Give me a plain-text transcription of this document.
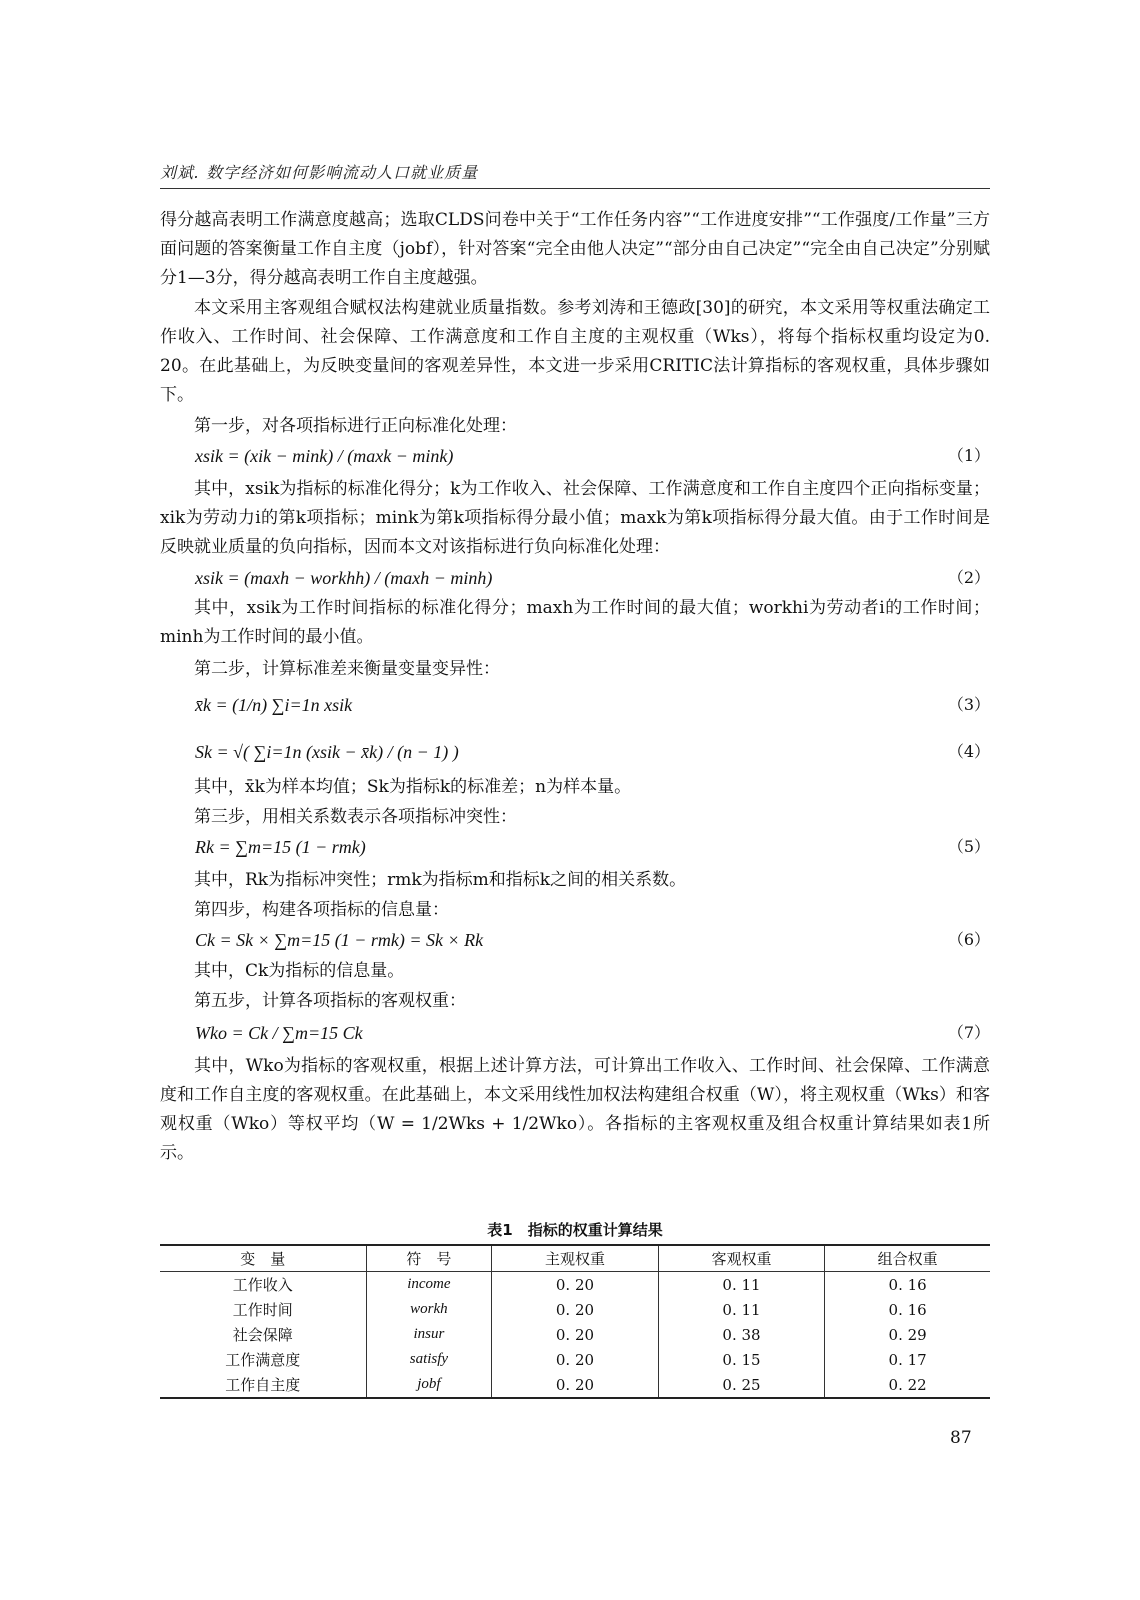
刘斌. 数字经济如何影响流动人口就业质量

得分越高表明工作满意度越高；选取CLDS问卷中关于“工作任务内容”“工作进度安排”“工作强度/工作量”三方面问题的答案衡量工作自主度（jobf），针对答案“完全由他人决定”“部分由自己决定”“完全由自己决定”分别赋分1—3分，得分越高表明工作自主度越强。

本文采用主客观组合赋权法构建就业质量指数。参考刘涛和王德政[30]的研究，本文采用等权重法确定工作收入、工作时间、社会保障、工作满意度和工作自主度的主观权重（Wks），将每个指标权重均设定为0. 20。在此基础上，为反映变量间的客观差异性，本文进一步采用CRITIC法计算指标的客观权重，具体步骤如下。

第一步，对各项指标进行正向标准化处理：

xsik = (xik − mink) / (maxk − mink)	（1）

其中，xsik为指标的标准化得分；k为工作收入、社会保障、工作满意度和工作自主度四个正向指标变量；xik为劳动力i的第k项指标；mink为第k项指标得分最小值；maxk为第k项指标得分最大值。由于工作时间是反映就业质量的负向指标，因而本文对该指标进行负向标准化处理：

xsik = (maxh − workhh) / (maxh − minh)	（2）

其中，xsik为工作时间指标的标准化得分；maxh为工作时间的最大值；workhi为劳动者i的工作时间；minh为工作时间的最小值。

第二步，计算标准差来衡量变量变异性：

x̄k = (1/n) ∑i=1n xsik	（3）
Sk = √( ∑i=1n (xsik − x̄k) / (n − 1) )	（4）

其中，x̄k为样本均值；Sk为指标k的标准差；n为样本量。

第三步，用相关系数表示各项指标冲突性：

Rk = ∑m=15 (1 − rmk)	（5）

其中，Rk为指标冲突性；rmk为指标m和指标k之间的相关系数。

第四步，构建各项指标的信息量：

Ck = Sk × ∑m=15 (1 − rmk) = Sk × Rk	（6）

其中，Ck为指标的信息量。

第五步，计算各项指标的客观权重：

Wko = Ck / ∑m=15 Ck	（7）

其中，Wko为指标的客观权重，根据上述计算方法，可计算出工作收入、工作时间、社会保障、工作满意度和工作自主度的客观权重。在此基础上，本文采用线性加权法构建组合权重（W），将主观权重（Wks）和客观权重（Wko）等权平均（W = 1/2Wks + 1/2Wko）。各指标的主客观权重及组合权重计算结果如表1所示。

表1　指标的权重计算结果
变　量	符　号	主观权重	客观权重	组合权重
工作收入	income	0. 20	0. 11	0. 16
工作时间	workh	0. 20	0. 11	0. 16
社会保障	insur	0. 20	0. 38	0. 29
工作满意度	satisfy	0. 20	0. 15	0. 17
工作自主度	jobf	0. 20	0. 25	0. 22
87
